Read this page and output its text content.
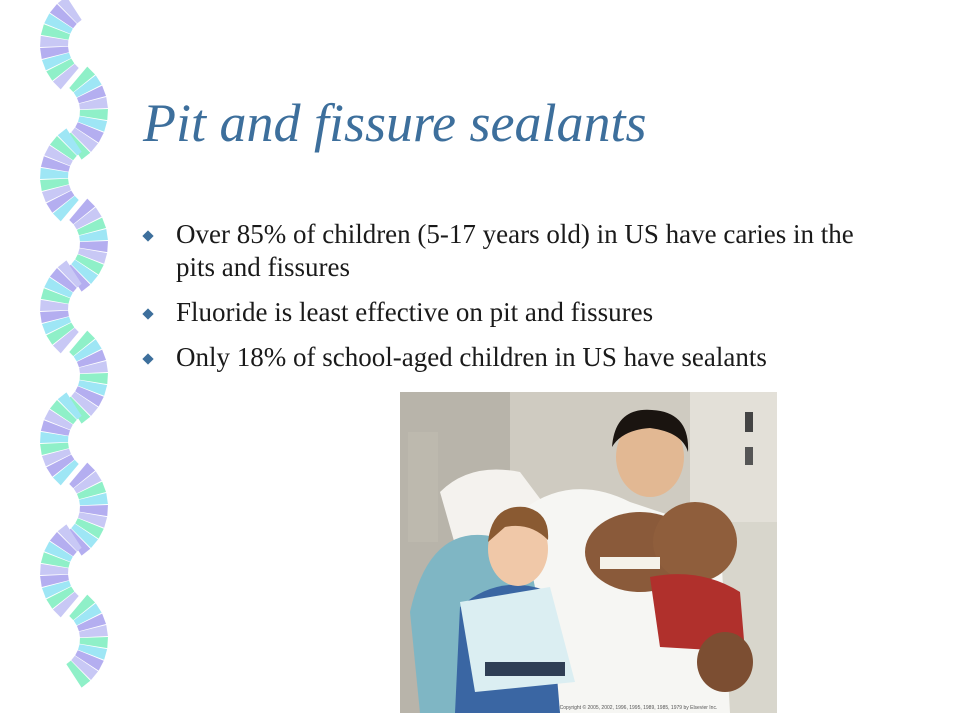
Pit and fissure sealants
Over 85% of children (5-17 years old) in US have caries in the pits and fissures
Fluoride is least effective on pit and fissures
Only 18% of school-aged children in US have sealants
Copyright © 2005, 2002, 1996, 1995, 1989, 1985, 1979 by Elsevier Inc.
